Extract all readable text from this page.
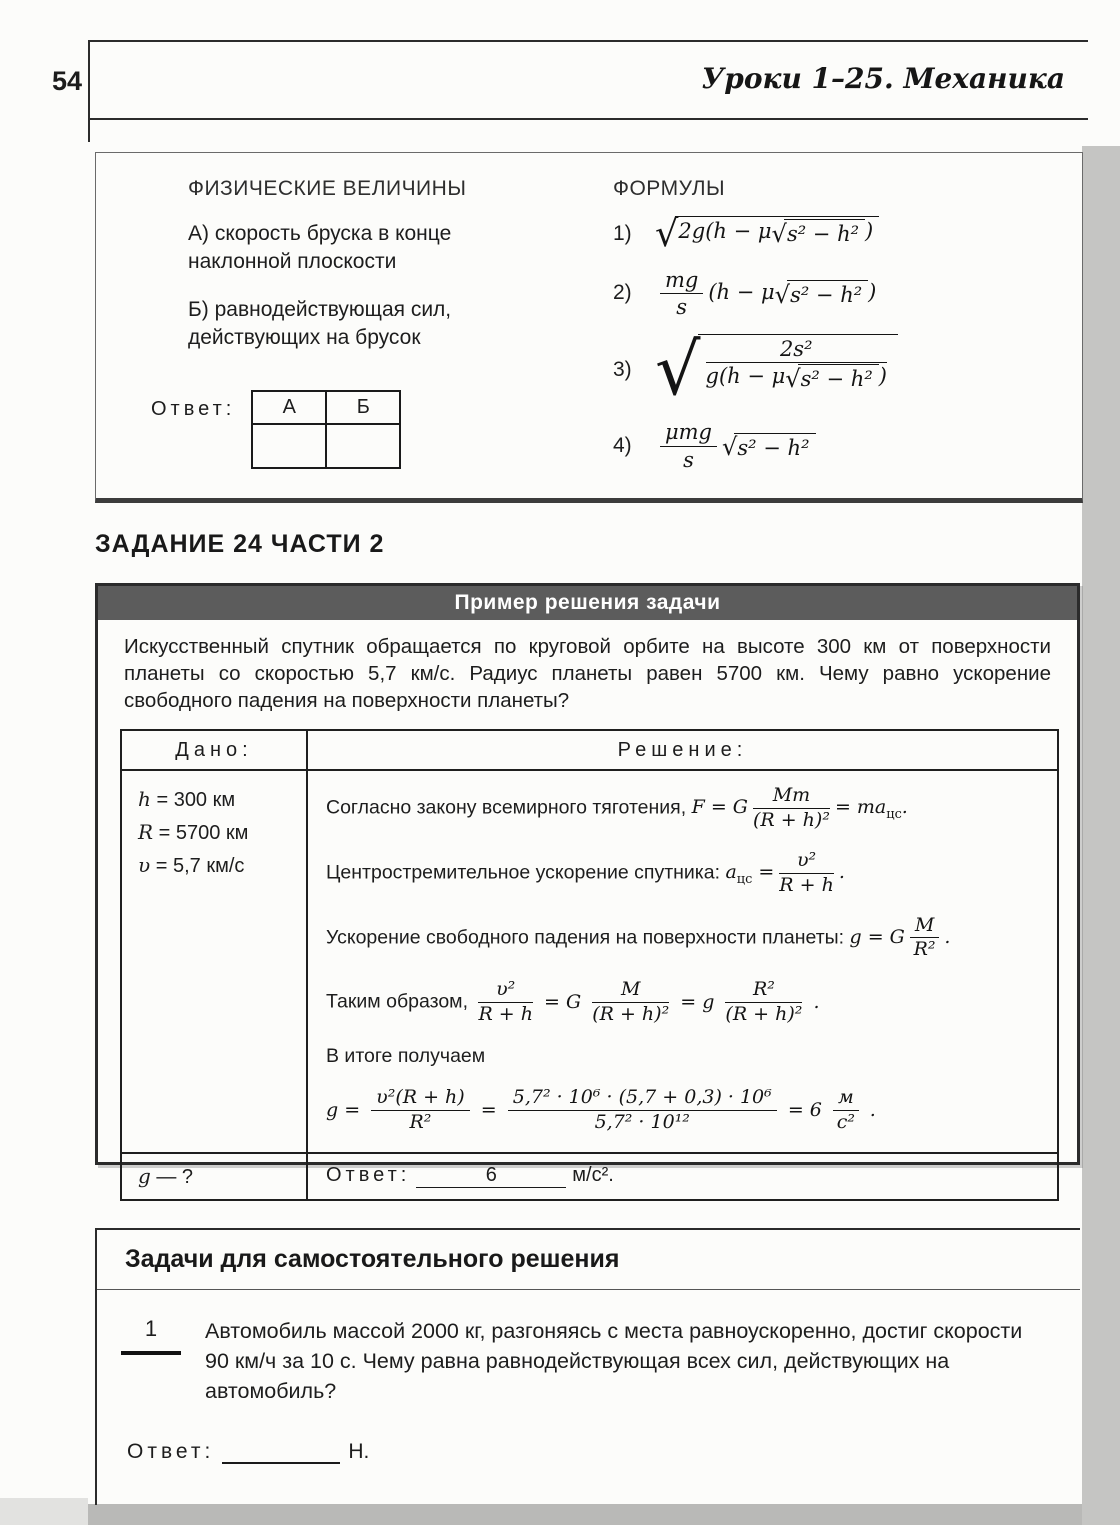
54	Уроки 1–25. Механика
ФИЗИЧЕСКИЕ ВЕЛИЧИНЫ

А) скорость бруска в конце наклонной плоскости

Б) равнодействующая сил, действующих на брусок

Ответ: А	Б

ФОРМУЛЫ
1) √ 2g(h − μ √ s² − h² )
2)	$\frac{mg}{s} (h - \mu$ √ s² − h² )
3) √ $\frac{\text{2s²}}{\text{g(h − μ √ s² − h² )}}$
4)	$\frac{\text{μmg}}{s}$ √ s² − h²
ЗАДАНИЕ 24 ЧАСТИ 2
Пример решения задачи
Искусственный спутник обращается по круговой орбите на высоте 300 км от поверхности планеты со скоростью 5,7 км/с. Радиус планеты равен 5700 км. Чему равно ускорение свободного падения на поверхности планеты?
Дано:	Решение:

h = 300 км
R = 5700 км
υ = 5,7 км/с

Согласно закону всемирного тяготения, F = G $\frac{Mm}{\text{(R + h)²}} = ma_{цс}$.
Центростремительное ускорение спутника: $a_{цс} = \frac{\text{υ²}}{R + h}$ .
Ускорение свободного падения на поверхности планеты: g = G $\frac{M}{\text{R²}}$ .
Таким образом, $\frac{\text{υ²}}{R + h} = G \frac{M}{\text{(R + h)²}} = g \frac{\text{R²}}{\text{(R + h)²}}$ .
В итоге получаем
$g = \frac{\text{υ²(R + h)}}{\text{R²}} = \frac{\text{5,7² · 10⁶ · (5,7 + 0,3) · 10⁶}}{\text{5,7² · 10¹²}} = 6 \frac{м}{\text{с²}}$ .

g — ?	Ответ: 6 м/с².
Задачи для самостоятельного решения
1	Автомобиль массой 2000 кг, разгоняясь с места равноускоренно, достиг скорости 90 км/ч за 10 с. Чему равна равнодействующая всех сил, действующих на автомобиль?
Ответ:	Н.
